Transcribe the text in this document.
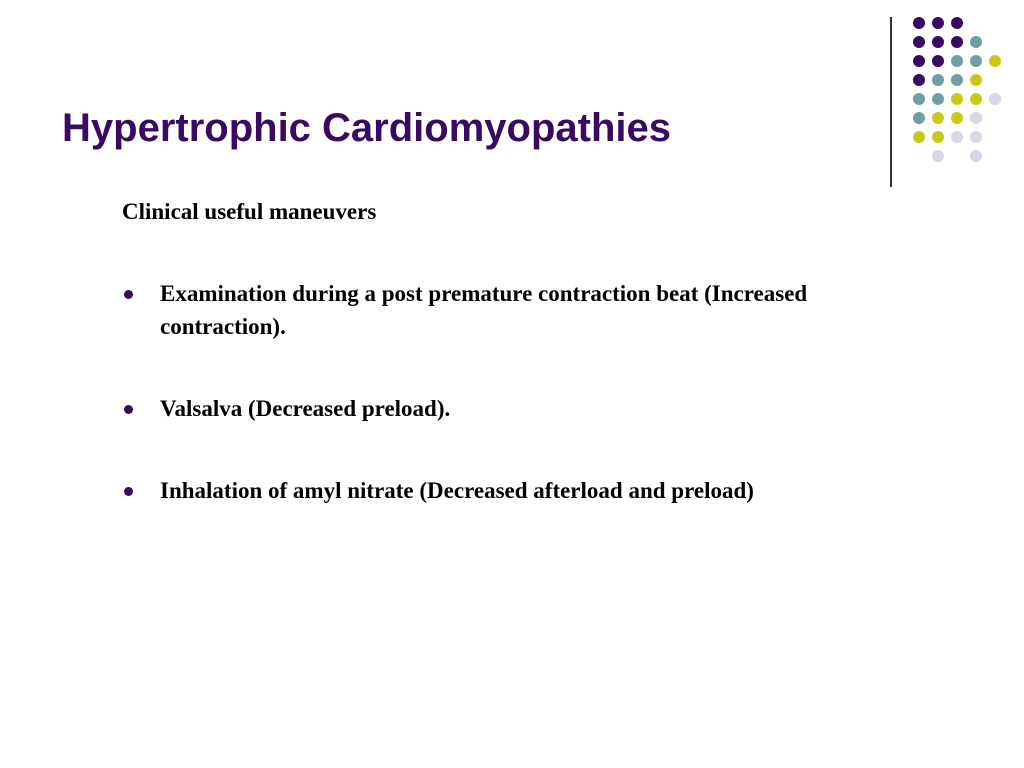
Hypertrophic Cardiomyopathies

Clinical useful maneuvers

Examination during a post premature contraction beat (Increased contraction).
Valsalva (Decreased preload).
Inhalation of amyl nitrate (Decreased afterload and preload)
